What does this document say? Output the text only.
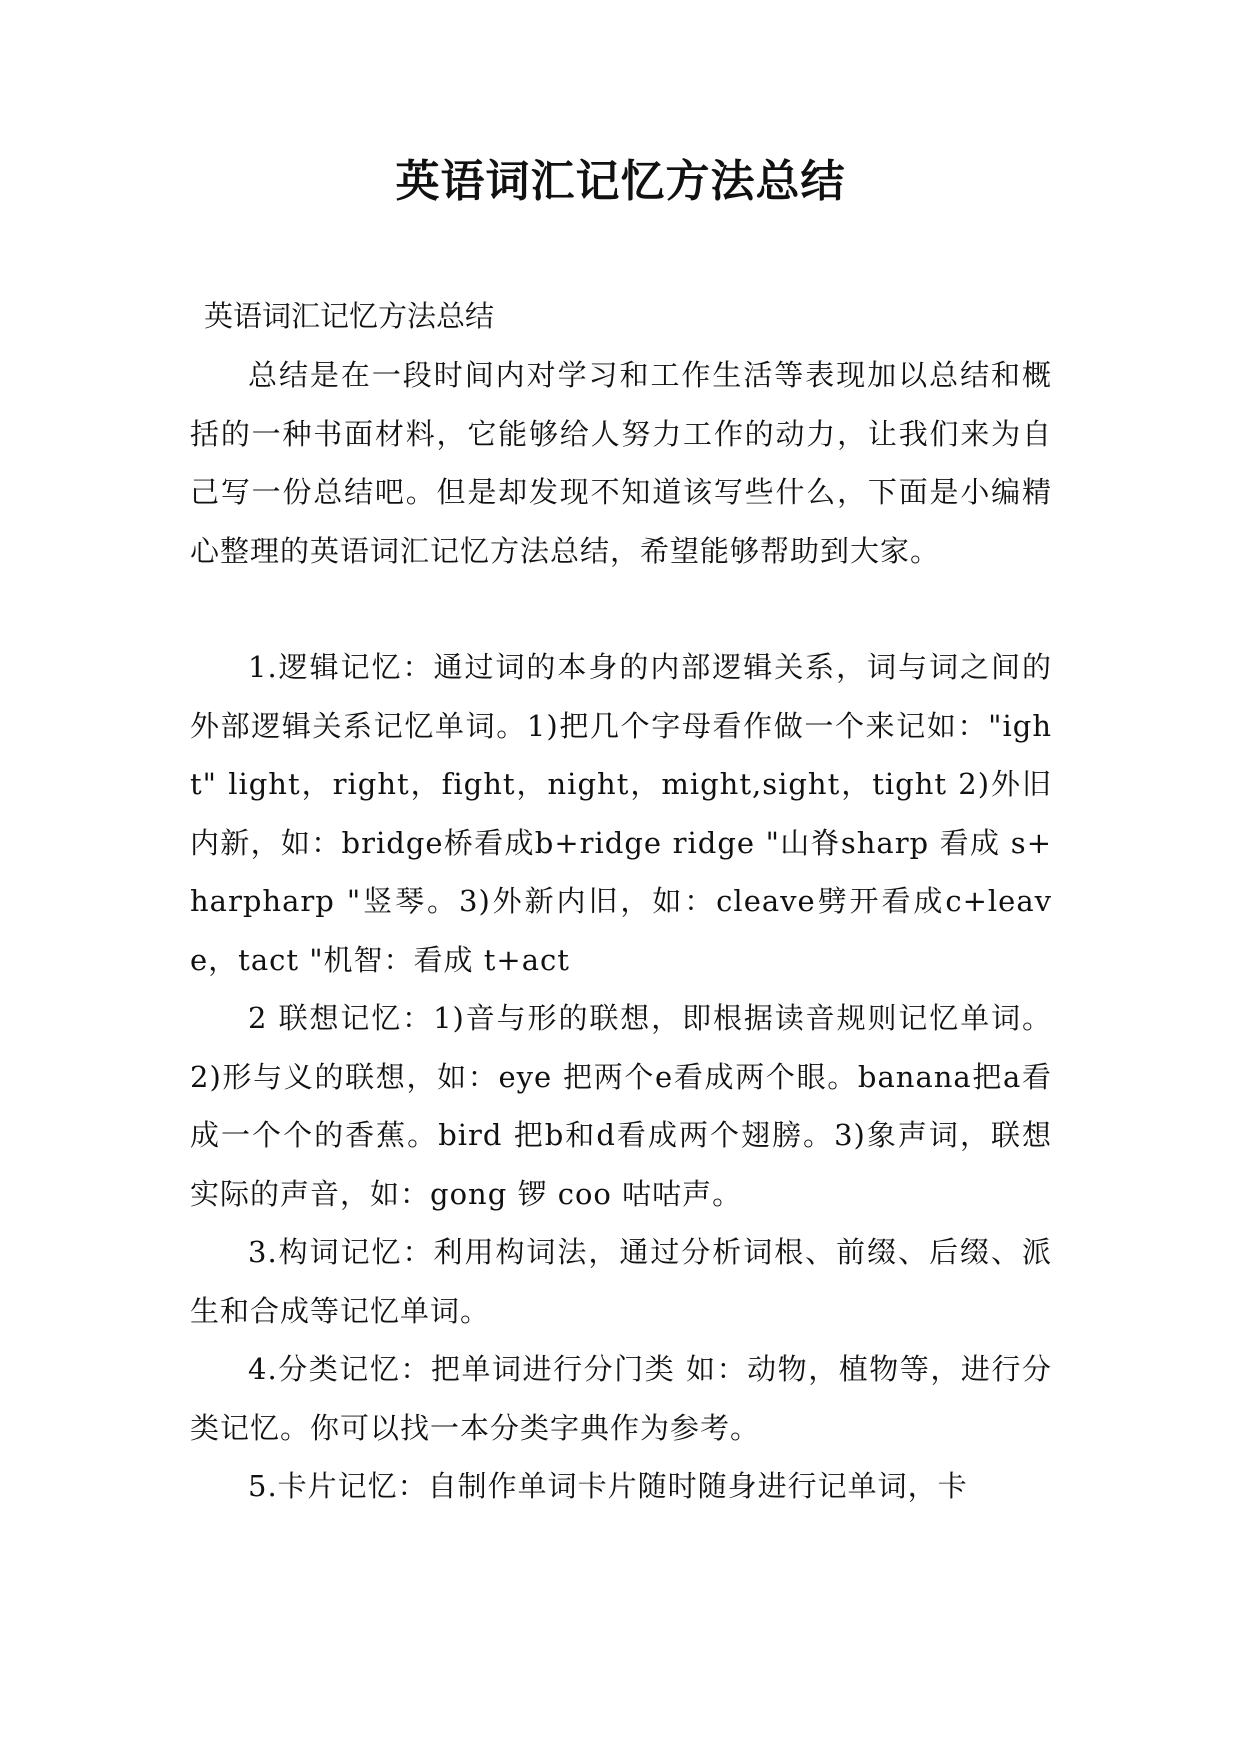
英语词汇记忆方法总结

英语词汇记忆方法总结

总结是在一段时间内对学习和工作生活等表现加以总结和概括的一种书面材料，它能够给人努力工作的动力，让我们来为自己写一份总结吧。但是却发现不知道该写些什么，下面是小编精心整理的英语词汇记忆方法总结，希望能够帮助到大家。

1.逻辑记忆：通过词的本身的内部逻辑关系，词与词之间的外部逻辑关系记忆单词。1)把几个字母看作做一个来记如："ight" light，right，fight，night，might,sight，tight 2)外旧内新，如：bridge桥看成b+ridge ridge "山脊sharp 看成 s+harpharp "竖琴。3)外新内旧，如：cleave劈开看成c+leave，tact "机智：看成 t+act

2 联想记忆：1)音与形的联想，即根据读音规则记忆单词。2)形与义的联想，如：eye 把两个e看成两个眼。banana把a看成一个个的香蕉。bird 把b和d看成两个翅膀。3)象声词，联想实际的声音，如：gong 锣 coo 咕咕声。

3.构词记忆：利用构词法，通过分析词根、前缀、后缀、派生和合成等记忆单词。

4.分类记忆：把单词进行分门类 如：动物，植物等，进行分类记忆。你可以找一本分类字典作为参考。

5.卡片记忆：自制作单词卡片随时随身进行记单词，卡
